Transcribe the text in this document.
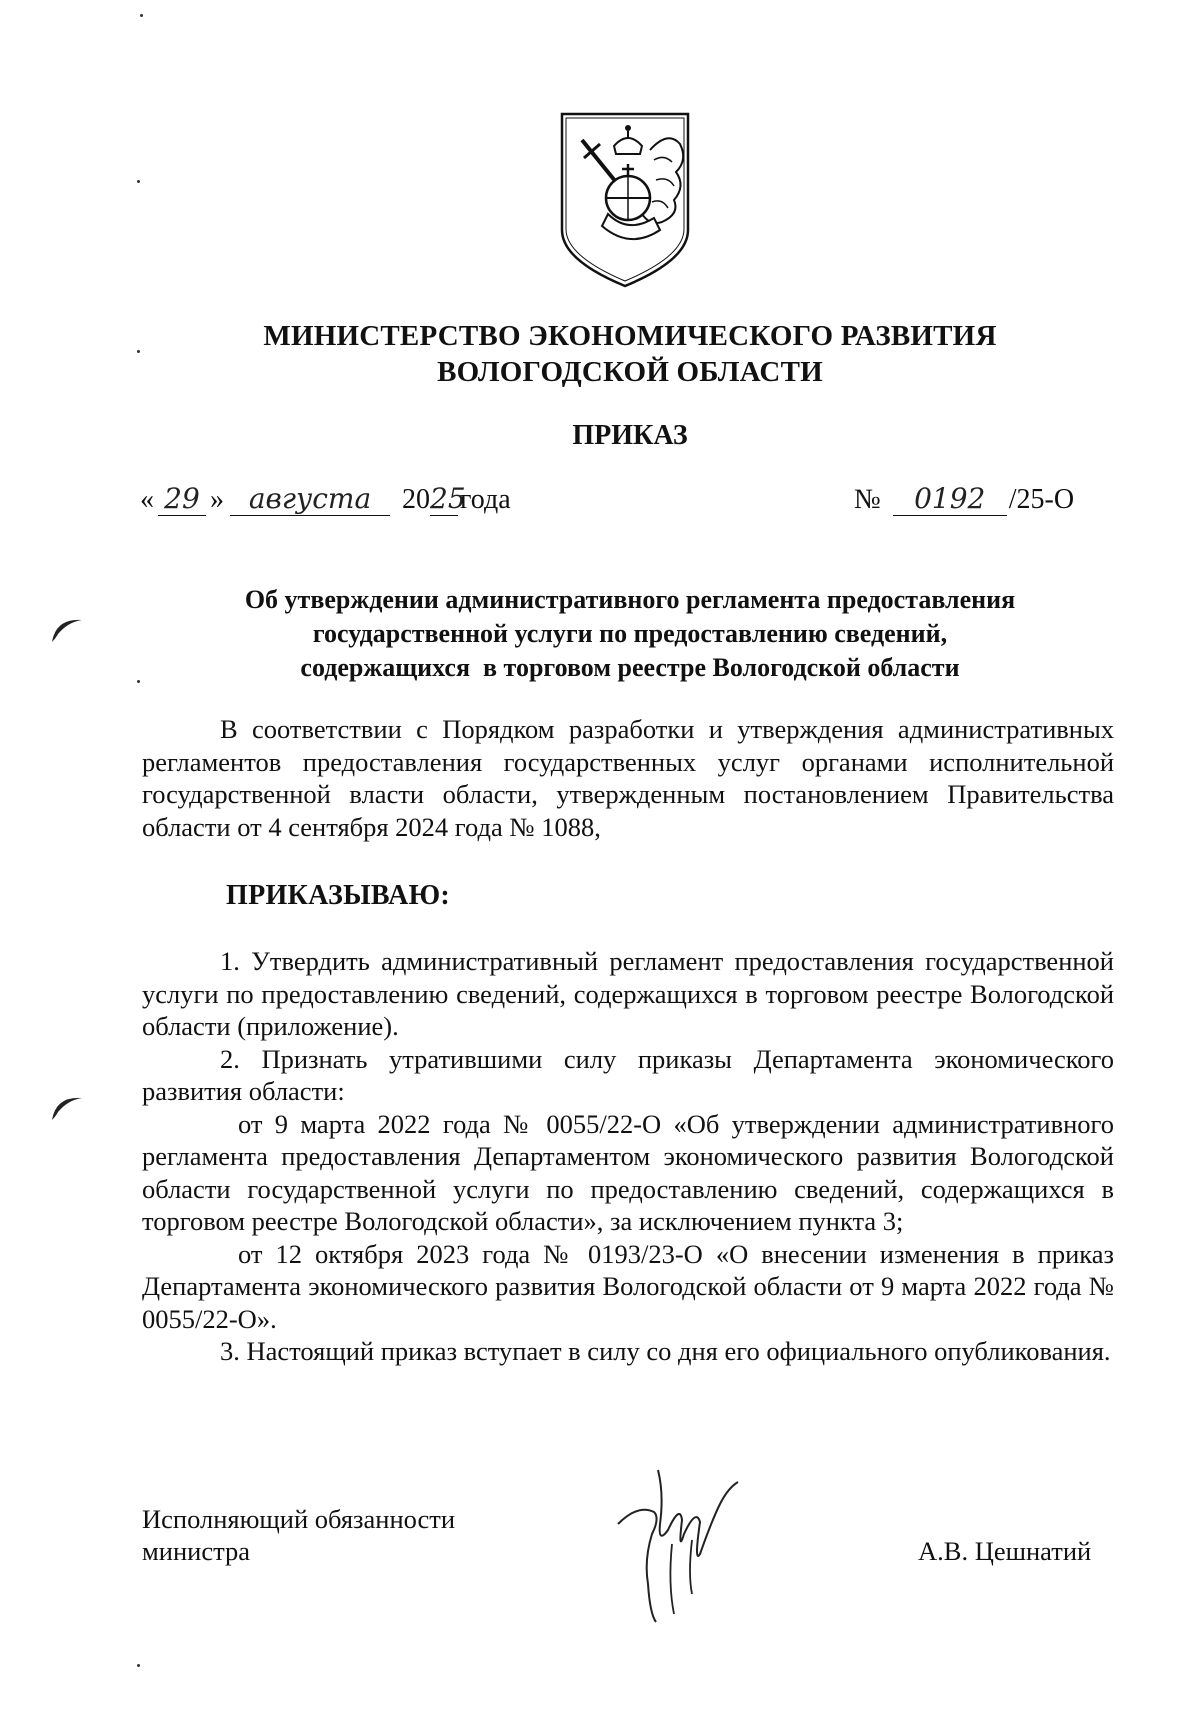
МИНИСТЕРСТВО ЭКОНОМИЧЕСКОГО РАЗВИТИЯ
ВОЛОГОДСКОЙ ОБЛАСТИ
ПРИКАЗ
« 29 » августа 2025года	№ 0192 /25-О
Об утверждении административного регламента предоставления
государственной услуги по предоставлению сведений,
содержащихся  в торговом реестре Вологодской области

В соответствии с Порядком разработки и утверждения административных регламентов предоставления государственных услуг органами исполнительной государственной власти области, утвержденным постановлением Правительства области от 4 сентября 2024 года № 1088,

ПРИКАЗЫВАЮ:

1. Утвердить административный регламент предоставления государственной услуги по предоставлению сведений, содержащихся в торговом реестре Вологодской области (приложение).

2. Признать утратившими силу приказы Департамента экономического развития области:

от 9 марта 2022 года № 0055/22-О «Об утверждении административного регламента предоставления Департаментом экономического развития Вологодской области государственной услуги по предоставлению сведений, содержащихся в торговом реестре Вологодской области», за исключением пункта 3;

от 12 октября 2023 года № 0193/23-О «О внесении изменения в приказ Департамента экономического развития Вологодской области от 9 марта 2022 года № 0055/22-О».

3. Настоящий приказ вступает в силу со дня его официального опубликования.

Исполняющий обязанности
министра	А.В. Цешнатий
